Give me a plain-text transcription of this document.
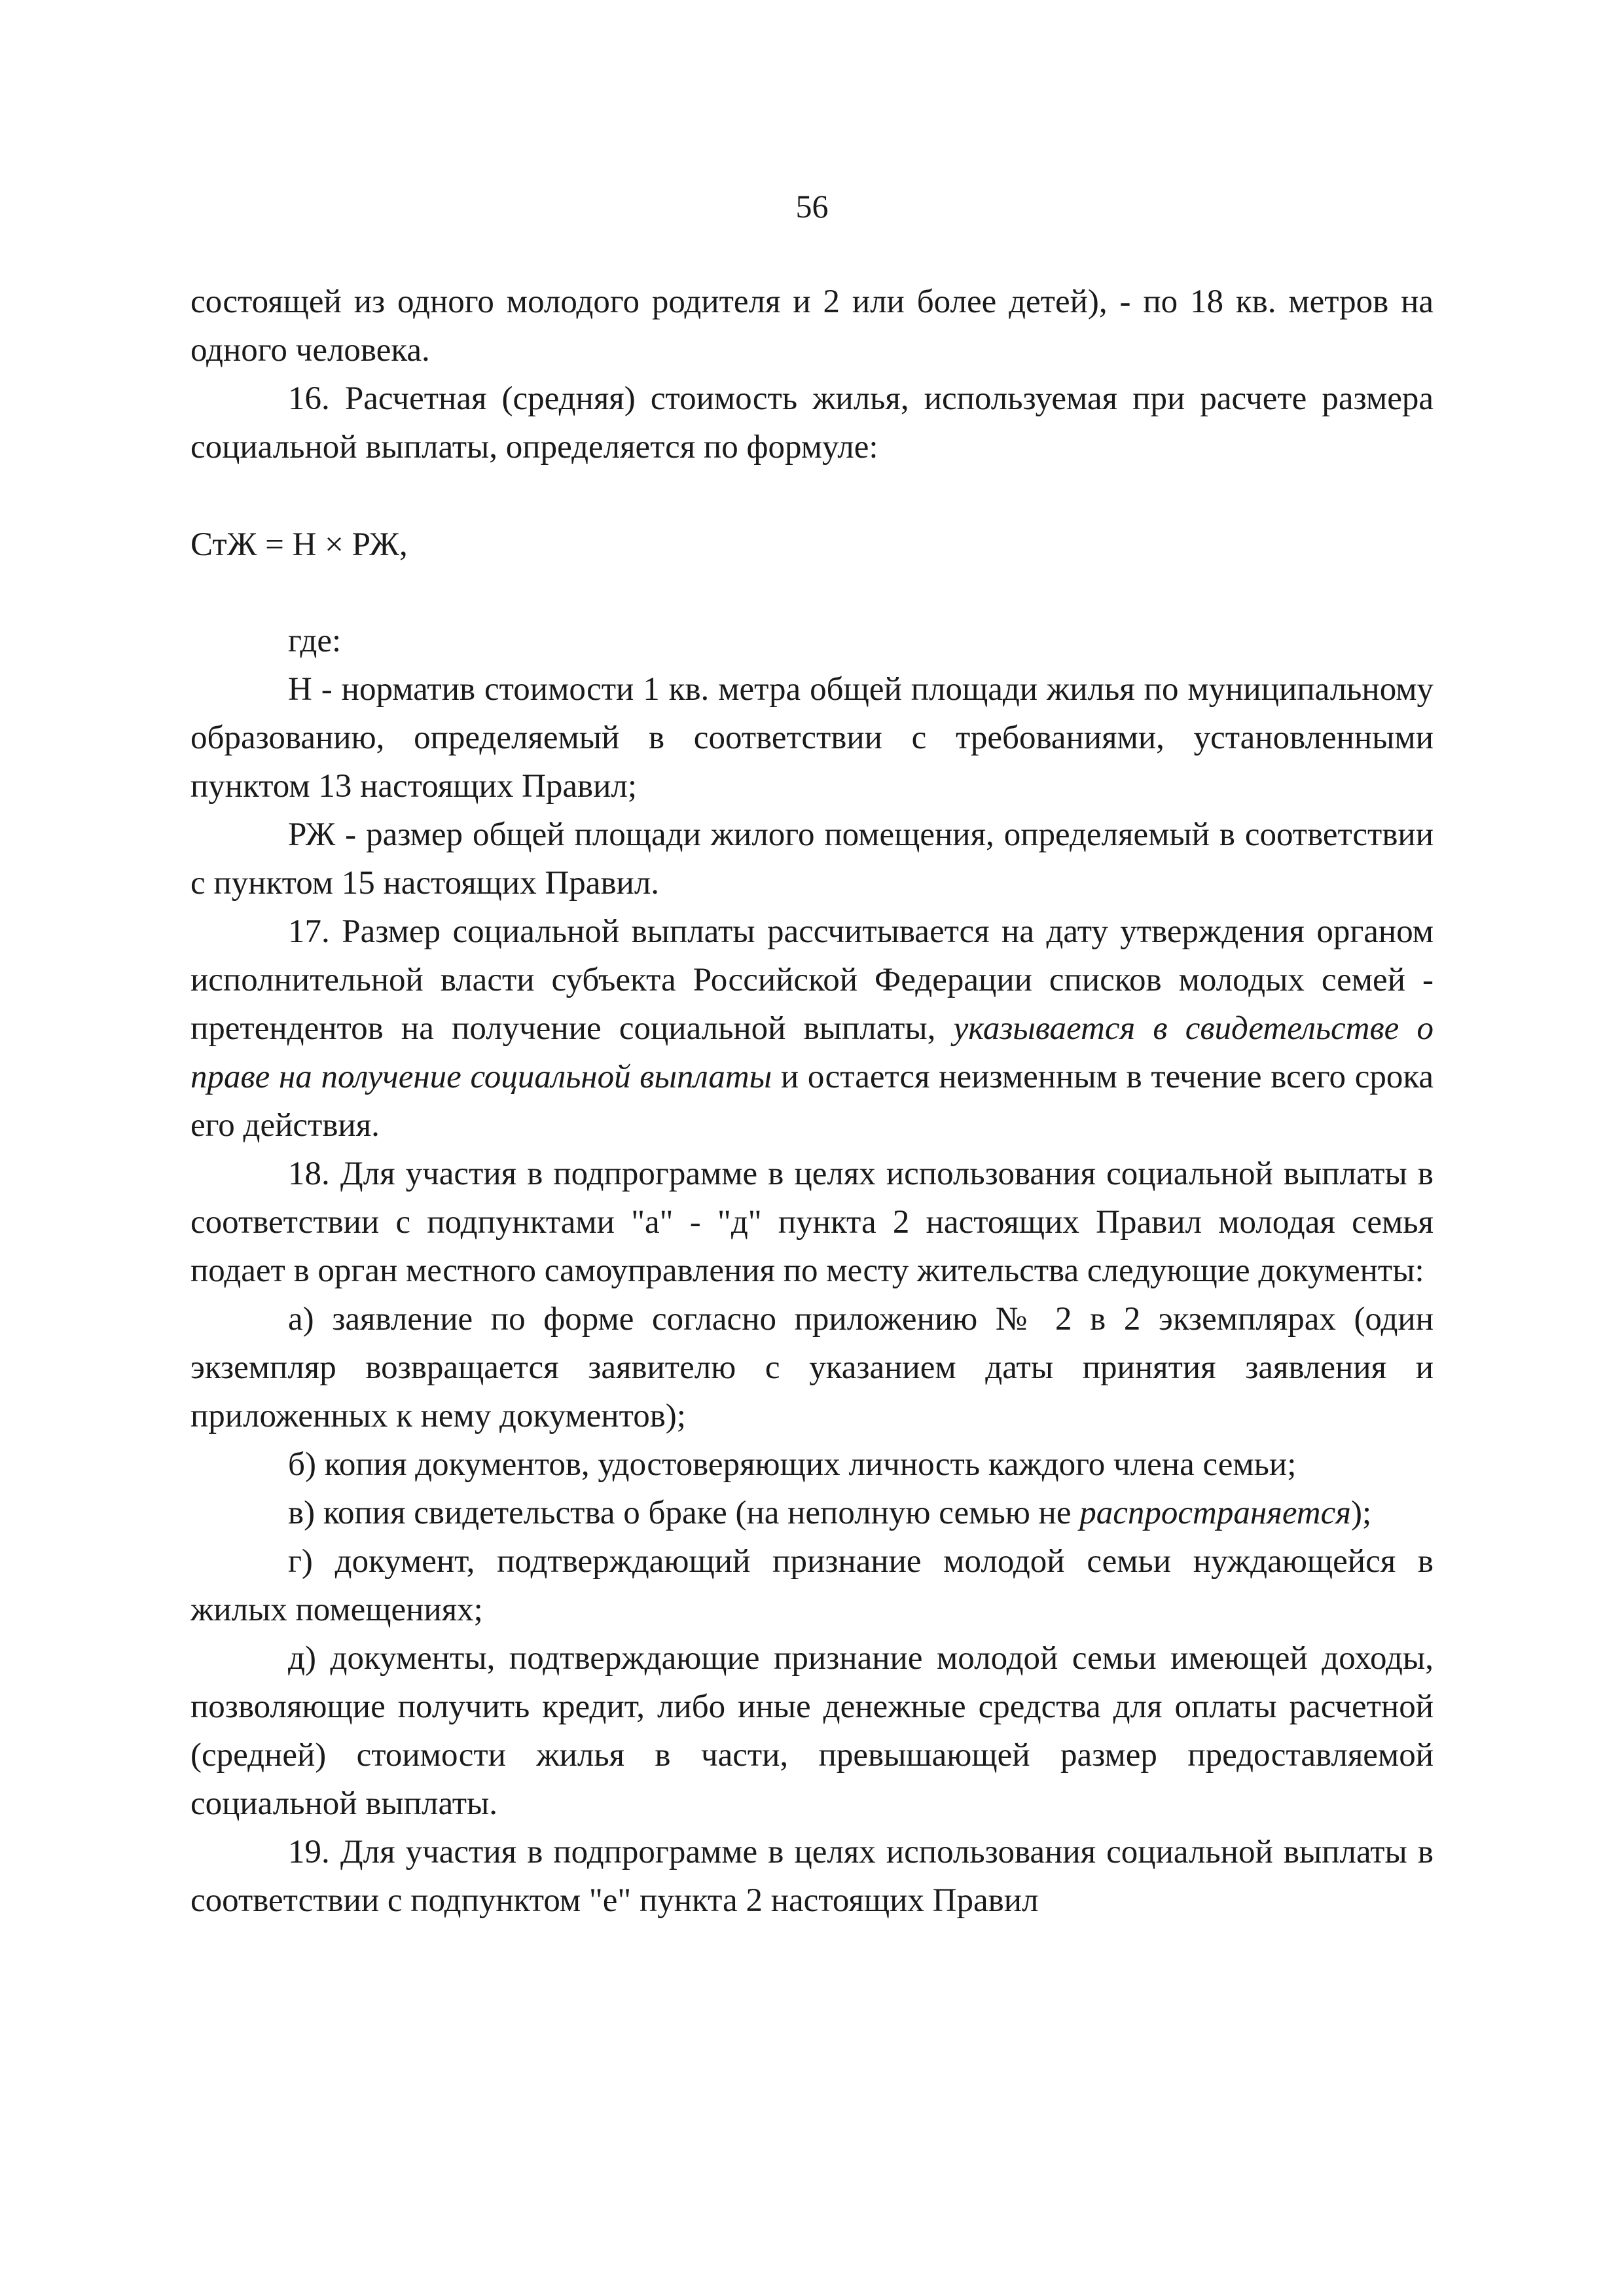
56

состоящей из одного молодого родителя и 2 или более детей), - по 18 кв. метров на одного человека.

16. Расчетная (средняя) стоимость жилья, используемая при расчете размера социальной выплаты, определяется по формуле:

СтЖ = Н × РЖ,

где:

Н - норматив стоимости 1 кв. метра общей площади жилья по муниципальному образованию, определяемый в соответствии с требованиями, установленными пунктом 13 настоящих Правил;

РЖ - размер общей площади жилого помещения, определяемый в соответствии с пунктом 15 настоящих Правил.

17. Размер социальной выплаты рассчитывается на дату утверждения органом исполнительной власти субъекта Российской Федерации списков молодых семей - претендентов на получение социальной выплаты, указывается в свидетельстве о праве на получение социальной выплаты и остается неизменным в течение всего срока его действия.

18. Для участия в подпрограмме в целях использования социальной выплаты в соответствии с подпунктами "а" - "д" пункта 2 настоящих Правил молодая семья подает в орган местного самоуправления по месту жительства следующие документы:

а) заявление по форме согласно приложению № 2 в 2 экземплярах (один экземпляр возвращается заявителю с указанием даты принятия заявления и приложенных к нему документов);

б) копия документов, удостоверяющих личность каждого члена семьи;

в) копия свидетельства о браке (на неполную семью не распространяется);

г) документ, подтверждающий признание молодой семьи нуждающейся в жилых помещениях;

д) документы, подтверждающие признание молодой семьи имеющей доходы, позволяющие получить кредит, либо иные денежные средства для оплаты расчетной (средней) стоимости жилья в части, превышающей размер предоставляемой социальной выплаты.

19. Для участия в подпрограмме в целях использования социальной выплаты в соответствии с подпунктом "е" пункта 2 настоящих Правил
